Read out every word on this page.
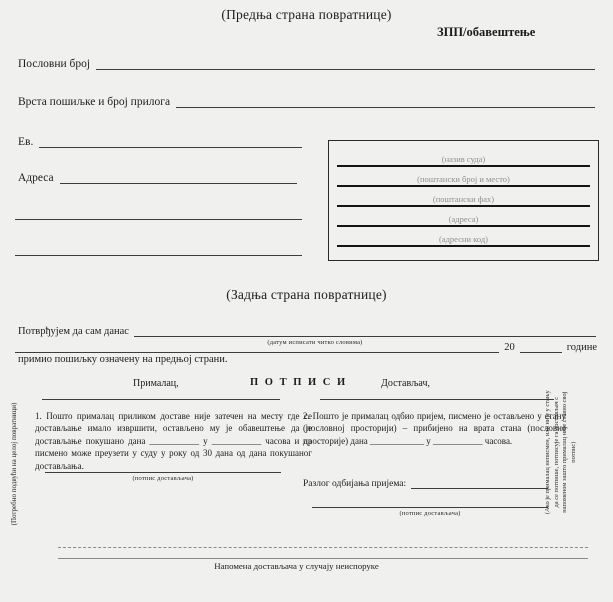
(Предња страна повратнице)
ЗПП/обавештење
Пословни број
Врста пошиљке и број прилога
Ев.
Адреса
(назив суда)
(поштански број и место)
(поштански фах)
(адреса)
(адресни код)
(Задња страна повратнице)
Потврђујем да сам данас
(датум исписати читко словима)	20	године
примио пошиљку означену на предњој страни.
Прималац,	П О Т П И С И	Достављач,
1. Пошто прималац приликом доставе није затечен на месту где се достављање имало извршити, остављено му је обавештење да је достављање покушано дана ___________ у ___________ часова и да писмено може преузети у суду у року од 30 дана од дана покушаног достављања.
2. Пошто је прималац одбио пријем, писмено је остављено у стану (пословној просторији) – прибијено на врата стана (пословне просторије) дана ____________ у ___________ часова.
(потпис достављача)	Разлог одбијања пријема:
(потпис достављача)
(Потребно подвући на целој повратници)	(Ако је прималац неписмен, или није у стању да се потпише, потписује га достављач с напоменом зашто прималац није ставио свој потпис)
Напомена достављача у случају неиспоруке
